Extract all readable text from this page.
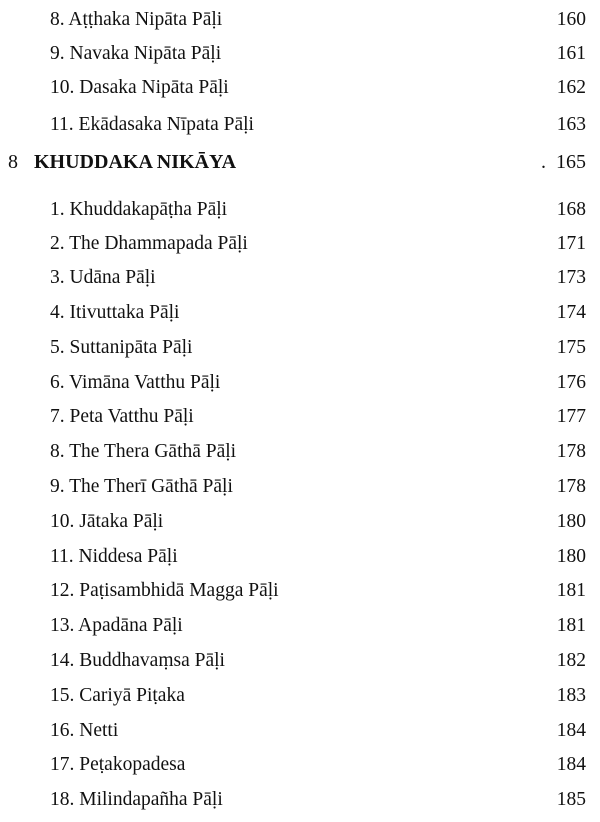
8. Aṭṭhaka Nipāta Pāḷi	160
9. Navaka Nipāta Pāḷi	161
10. Dasaka Nipāta Pāḷi	162
11. Ekādasaka Nīpata Pāḷi	163
8 KHUDDAKA NIKĀYA	. 165
1. Khuddakapāṭha Pāḷi	168
2. The Dhammapada Pāḷi	171
3. Udāna Pāḷi	173
4. Itivuttaka Pāḷi	174
5. Suttanipāta Pāḷi	175
6. Vimāna Vatthu Pāḷi	176
7. Peta Vatthu Pāḷi	177
8. The Thera Gāthā Pāḷi	178
9. The Therī Gāthā Pāḷi	178
10. Jātaka Pāḷi	180
11. Niddesa Pāḷi	180
12. Paṭisambhidā Magga Pāḷi	181
13. Apadāna Pāḷi	181
14. Buddhavaṃsa Pāḷi	182
15. Cariyā Piṭaka	183
16. Netti	184
17. Peṭakopadesa	184
18. Milindapañha Pāḷi	185
